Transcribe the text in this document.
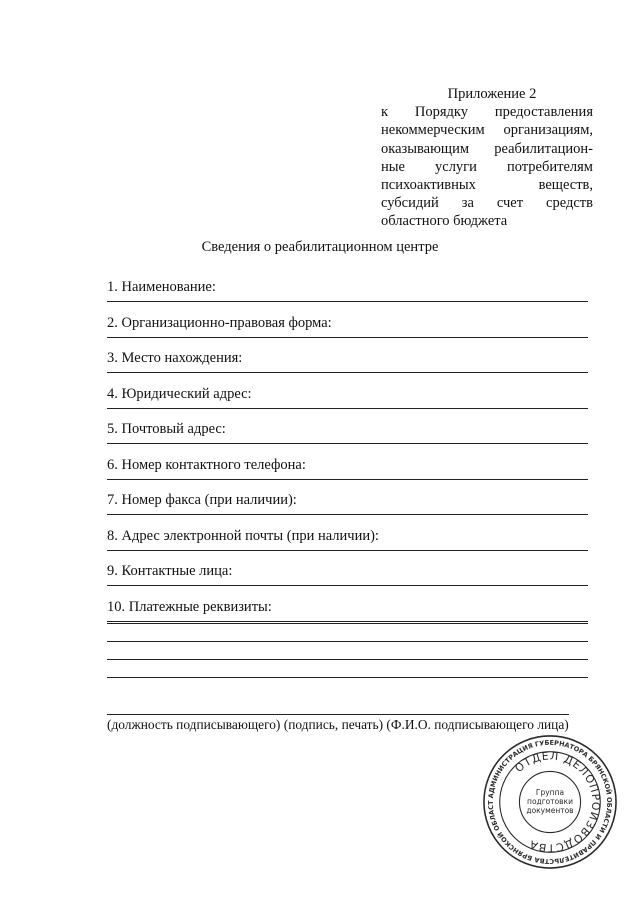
Приложение 2
к Порядку предоставления
некоммерческим организациям,
оказывающим реабилитацион-
ные услуги потребителям
психоактивных	веществ,
субсидий за счет средств
областного бюджета
Сведения о реабилитационном центре
1. Наименование:
2. Организационно-правовая форма:
3. Место нахождения:
4. Юридический адрес:
5. Почтовый адрес:
6. Номер контактного телефона:
7. Номер факса (при наличии):
8. Адрес электронной почты (при наличии):
9. Контактные лица:
10. Платежные реквизиты:
(должность подписывающего) (подпись, печать) (Ф.И.О. подписывающего лица)
АДМИНИСТРАЦИЯ ГУБЕРНАТОРА БРЯНСКОЙ ОБЛАСТИ И ПРАВИТЕЛЬСТВА БРЯНСКОЙ ОБЛАСТ
ОТДЕЛ ДЕЛОПРОИЗВОДСТВА
Группа
подготовки
документов
